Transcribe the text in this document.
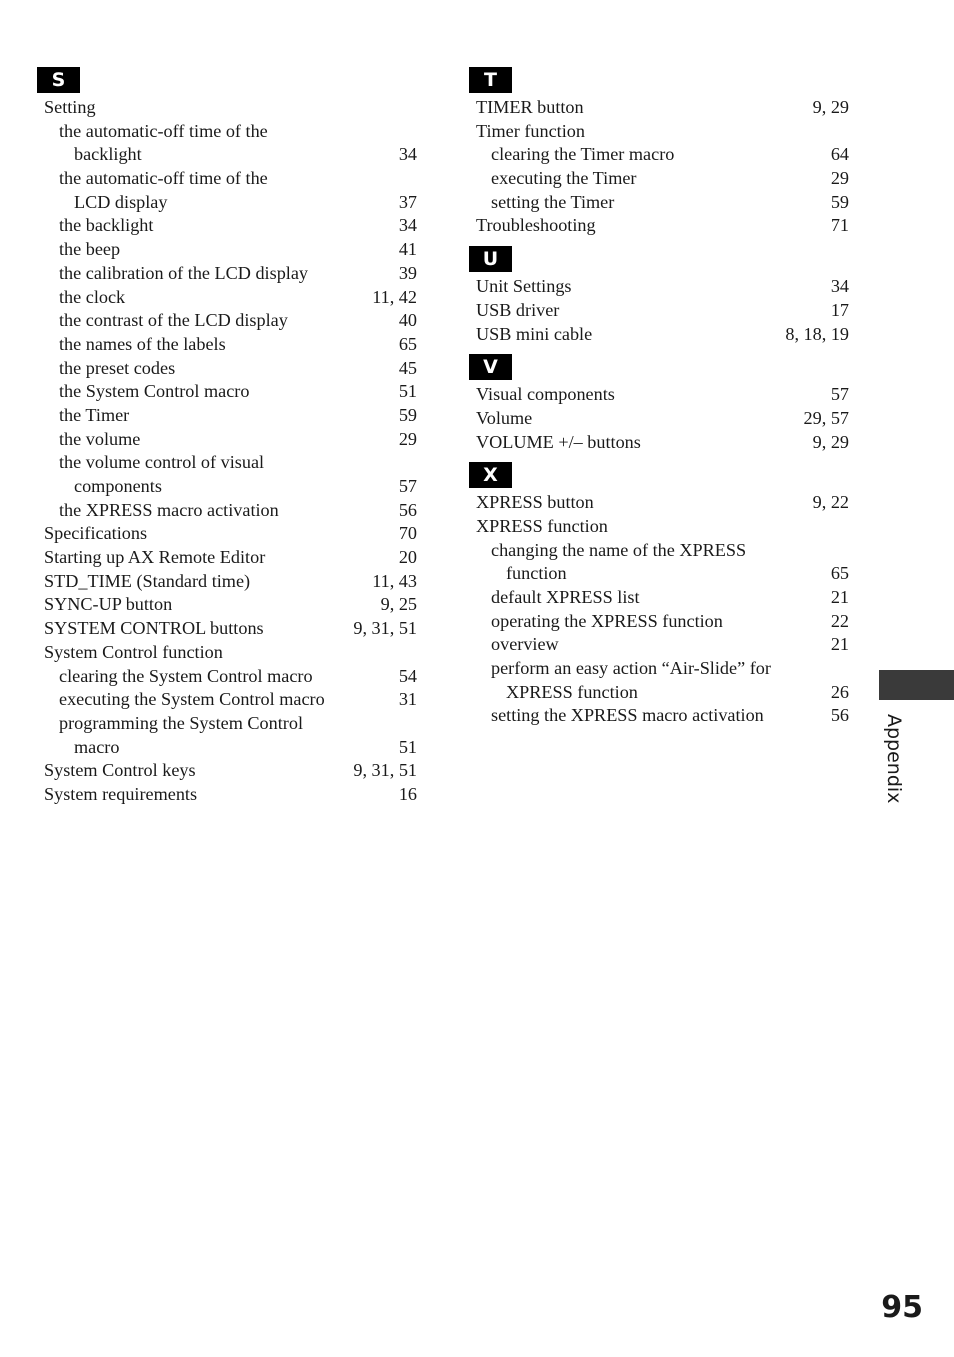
S
Setting
the automatic-off time of the
backlight	34
the automatic-off time of the
LCD display	37
the backlight	34
the beep	41
the calibration of the LCD display	39
the clock	11, 42
the contrast of the LCD display	40
the names of the labels	65
the preset codes	45
the System Control macro	51
the Timer	59
the volume	29
the volume control of visual
components	57
the XPRESS macro activation	56
Specifications	70
Starting up AX Remote Editor	20
STD_TIME (Standard time)	11, 43
SYNC-UP button	9, 25
SYSTEM CONTROL buttons	9, 31, 51
System Control function
clearing the System Control macro	54
executing the System Control macro	31
programming the System Control
macro	51
System Control keys	9, 31, 51
System requirements	16
T
TIMER button	9, 29
Timer function
clearing the Timer macro	64
executing the Timer	29
setting the Timer	59
Troubleshooting	71
U
Unit Settings	34
USB driver	17
USB mini cable	8, 18, 19
V
Visual components	57
Volume	29, 57
VOLUME +/– buttons	9, 29
X
XPRESS button	9, 22
XPRESS function
changing the name of the XPRESS
function	65
default XPRESS list	21
operating the XPRESS function	22
overview	21
perform an easy action “Air-Slide” for
XPRESS function	26
setting the XPRESS macro activation	56 Appendix
95
